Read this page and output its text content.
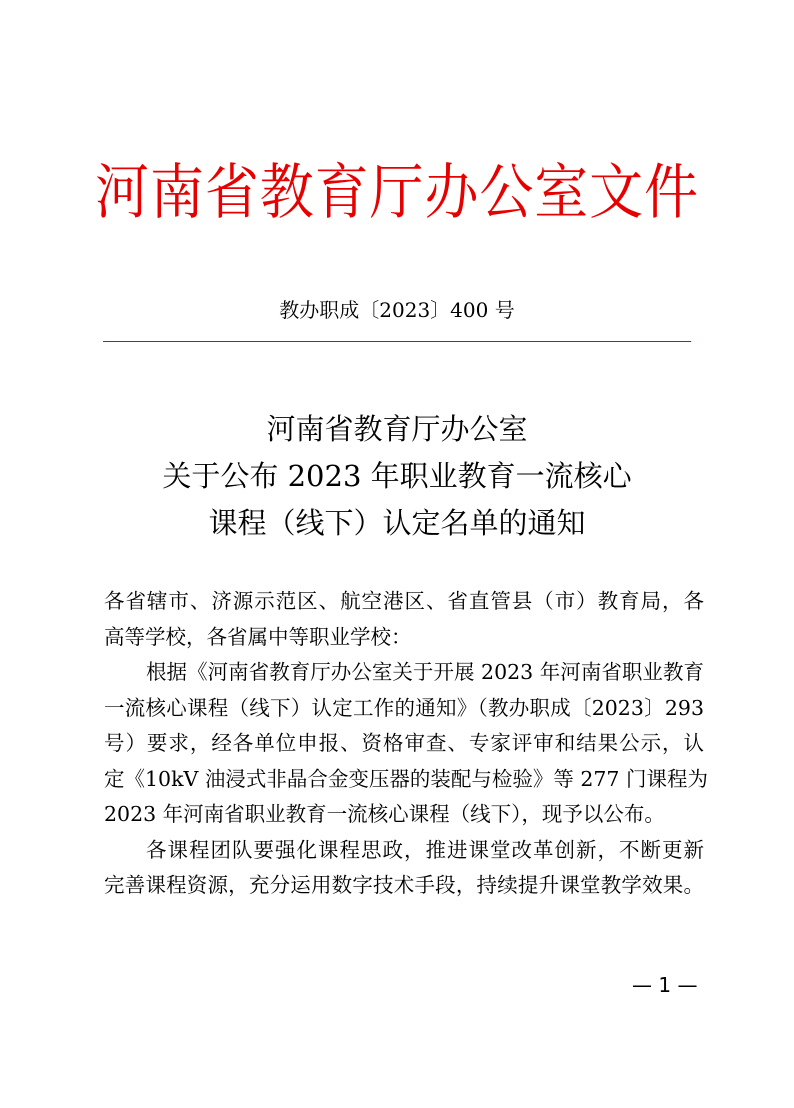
河南省教育厅办公室文件
教办职成〔2023〕400 号
河南省教育厅办公室
关于公布 2023 年职业教育一流核心
课程（线下）认定名单的通知
各省辖市、济源示范区、航空港区、省直管县（市）教育局，各
高等学校，各省属中等职业学校：
根据《河南省教育厅办公室关于开展 2023 年河南省职业教育
一流核心课程（线下）认定工作的通知》（教办职成〔2023〕293
号）要求，经各单位申报、资格审查、专家评审和结果公示，认
定《10kV 油浸式非晶合金变压器的装配与检验》等 277 门课程为
2023 年河南省职业教育一流核心课程（线下），现予以公布。
各课程团队要强化课程思政，推进课堂改革创新，不断更新
完善课程资源，充分运用数字技术手段，持续提升课堂教学效果。
— 1 —
